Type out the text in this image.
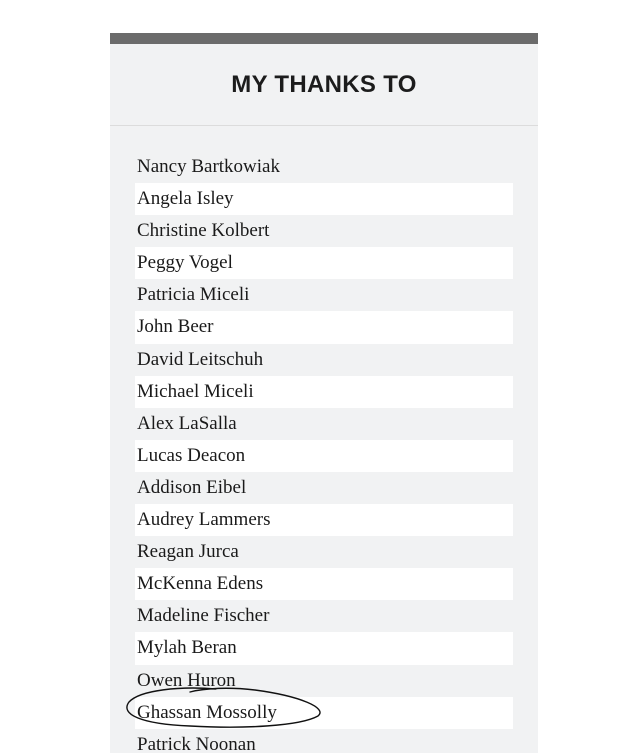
MY THANKS TO
Nancy Bartkowiak
Angela Isley
Christine Kolbert
Peggy Vogel
Patricia Miceli
John Beer
David Leitschuh
Michael Miceli
Alex LaSalla
Lucas Deacon
Addison Eibel
Audrey Lammers
Reagan Jurca
McKenna Edens
Madeline Fischer
Mylah Beran
Owen Huron
Ghassan Mossolly
Patrick Noonan
